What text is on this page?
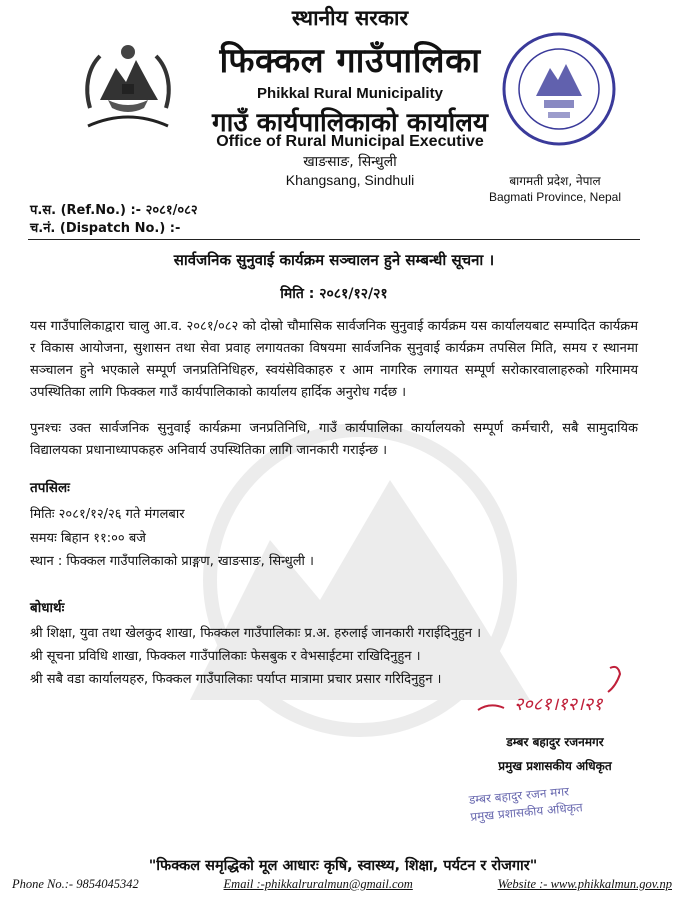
स्थानीय सरकार
फिक्कल गाउँपालिका
Phikkal Rural Municipality
गाउँ कार्यपालिकाको कार्यालय
Office of Rural Municipal Executive
खाङसाङ, सिन्धुली
Khangsang, Sindhuli	बागमती प्रदेश, नेपाल
Bagmati Province, Nepal
प.स. (Ref.No.) :- २०८१/०८२
च.नं. (Dispatch No.) :-
सार्वजनिक सुनुवाई कार्यक्रम सञ्चालन हुने सम्बन्धी सूचना ।
मिति : २०८१/१२/२१
यस गाउँपालिकाद्वारा चालु आ.व. २०८१/०८२ को दोस्रो चौमासिक सार्वजनिक सुनुवाई कार्यक्रम यस कार्यालयबाट सम्पादित कार्यक्रम र विकास आयोजना, सुशासन तथा सेवा प्रवाह लगायतका विषयमा सार्वजनिक सुनुवाई कार्यक्रम तपसिल मिति, समय र स्थानमा सञ्चालन हुने भएकाले सम्पूर्ण जनप्रतिनिधिहरु, स्वयंसेविकाहरु र आम नागरिक लगायत सम्पूर्ण सरोकारवालाहरुको गरिमामय उपस्थितिका लागि फिक्कल गाउँ कार्यपालिकाको कार्यालय हार्दिक अनुरोध गर्दछ ।
पुनश्चः उक्त सार्वजनिक सुनुवाई कार्यक्रमा जनप्रतिनिधि, गाउँ कार्यपालिका कार्यालयको सम्पूर्ण कर्मचारी, सबै सामुदायिक विद्यालयका प्रधानाध्यापकहरु अनिवार्य उपस्थितिका लागि जानकारी गराईन्छ ।
तपसिलः
मितिः २०८१/१२/२६ गते मंगलबार
समयः बिहान ११:०० बजे
स्थान : फिक्कल गाउँपालिकाको प्राङ्गण, खाङसाङ, सिन्धुली ।
बोधार्थः
श्री शिक्षा, युवा तथा खेलकुद शाखा, फिक्कल गाउँपालिकाः प्र.अ. हरुलाई जानकारी गराईदिनुहुन ।
श्री सूचना प्रविधि शाखा, फिक्कल गाउँपालिकाः फेसबुक र वेभसाईटमा राखिदिनुहुन ।
श्री सबै वडा कार्यालयहरु, फिक्कल गाउँपालिकाः पर्याप्त मात्रामा प्रचार प्रसार गरिदिनुहुन ।
२०८१।१२।२१
डम्बर बहादुर रजनमगर
प्रमुख प्रशासकीय अधिकृत
डम्बर बहादुर रजन मगर
प्रमुख प्रशासकीय अधिकृत
"फिक्कल समृद्धिको मूल आधारः कृषि, स्वास्थ्य, शिक्षा, पर्यटन र रोजगार"
Phone No.:- 9854045342	Email :-phikkalruralmun@gmail.com	Website :- www.phikkalmun.gov.np
